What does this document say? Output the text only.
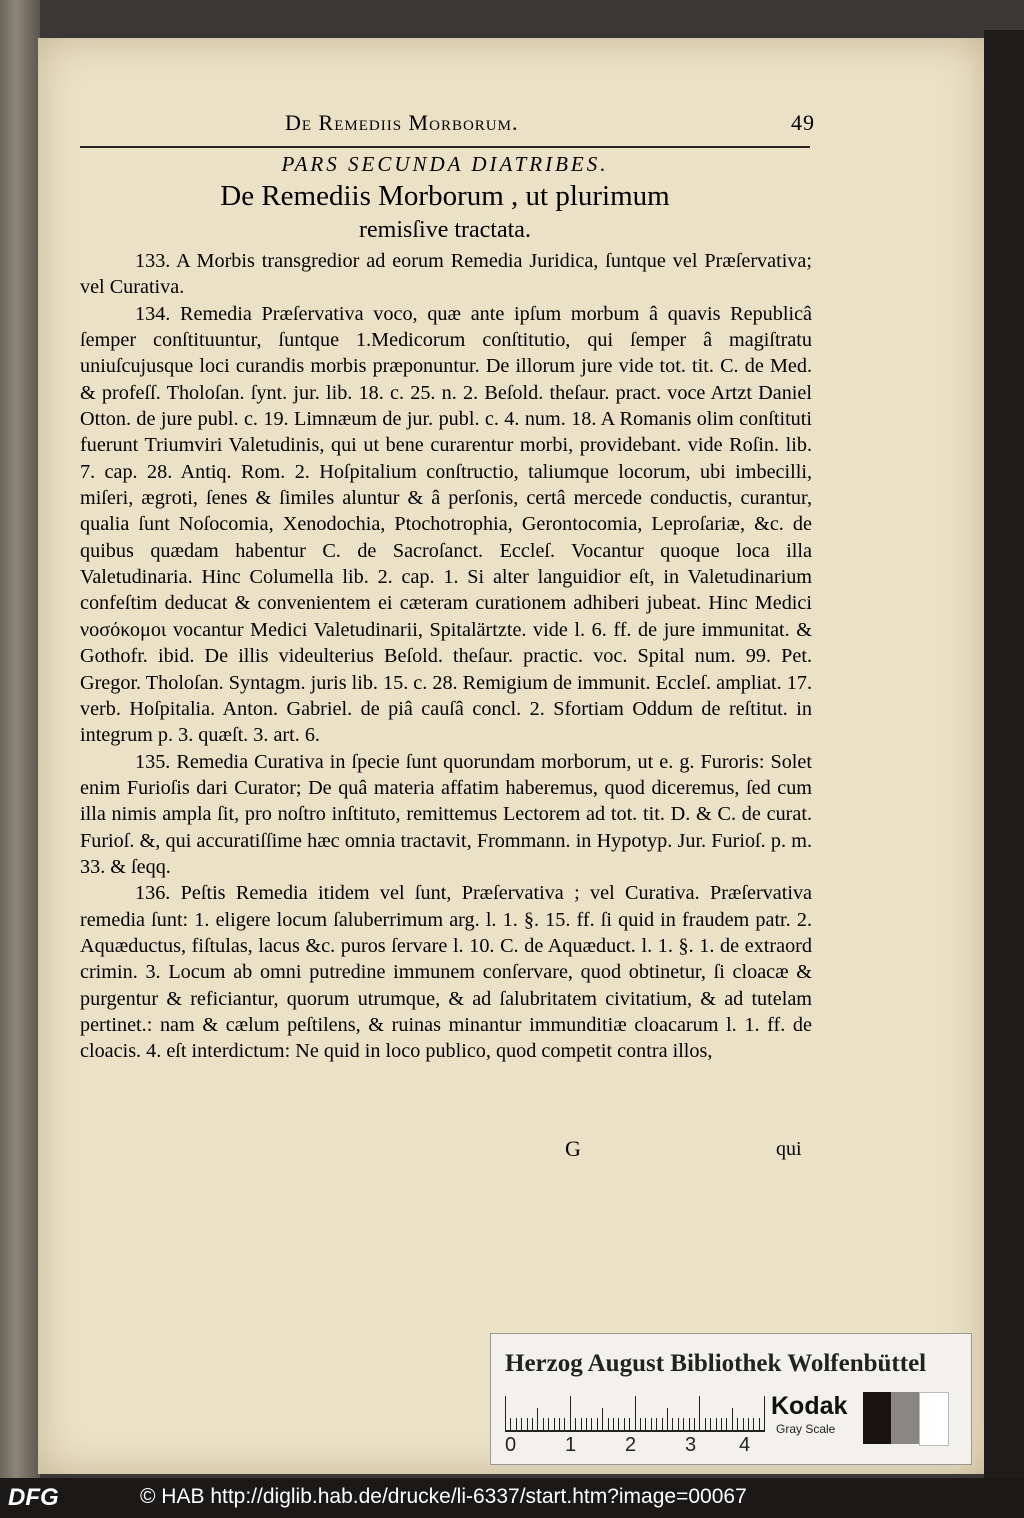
De Remediis Morborum.	49
PARS SECUNDA DIATRIBES.
De Remediis Morborum , ut plurimum
remisſive tractata.

133. A Morbis transgredior ad eorum Remedia Juridica, ſuntque vel Præſervativa; vel Curativa.

134. Remedia Præſervativa voco, quæ ante ipſum morbum â quavis Republicâ ſemper conſtituuntur, ſuntque 1.Medicorum conſtitutio, qui ſemper â magiſtratu uniuſcujusque loci curandis morbis præponuntur. De illorum jure vide tot. tit. C. de Med. & profeſſ. Tholoſan. ſynt. jur. lib. 18. c. 25. n. 2. Beſold. theſaur. pract. voce Artzt Daniel Otton. de jure publ. c. 19. Limnæum de jur. publ. c. 4. num. 18. A Romanis olim conſtituti fuerunt Triumviri Valetudinis, qui ut bene curarentur morbi, providebant. vide Roſin. lib. 7. cap. 28. Antiq. Rom. 2. Hoſpitalium conſtructio, taliumque locorum, ubi imbecilli, miſeri, ægroti, ſenes & ſimiles aluntur & â perſonis, certâ mercede conductis, curantur, qualia ſunt Noſocomia, Xenodochia, Ptochotrophia, Gerontocomia, Leproſariæ, &c. de quibus quædam habentur C. de Sacroſanct. Eccleſ. Vocantur quoque loca illa Valetudinaria. Hinc Columella lib. 2. cap. 1. Si alter languidior eſt, in Valetudinarium confeſtim deducat & convenientem ei cæteram curationem adhiberi jubeat. Hinc Medici νοσόκομοι vocantur Medici Valetudinarii, Spitalärtzte. vide l. 6. ff. de jure immunitat. & Gothofr. ibid. De illis videulterius Beſold. theſaur. practic. voc. Spital num. 99. Pet. Gregor. Tholoſan. Syntagm. juris lib. 15. c. 28. Remigium de immunit. Eccleſ. ampliat. 17. verb. Hoſpitalia. Anton. Gabriel. de piâ cauſâ concl. 2. Sfortiam Oddum de reſtitut. in integrum p. 3. quæſt. 3. art. 6.

135. Remedia Curativa in ſpecie ſunt quorundam morborum, ut e. g. Furoris: Solet enim Furioſis dari Curator; De quâ materia affatim haberemus, quod diceremus, ſed cum illa nimis ampla ſit, pro noſtro inſtituto, remittemus Lectorem ad tot. tit. D. & C. de curat. Furioſ. &, qui accuratiſſime hæc omnia tractavit, Frommann. in Hypotyp. Jur. Furioſ. p. m. 33. & ſeqq.

136. Peſtis Remedia itidem vel ſunt, Præſervativa ; vel Curativa. Præſervativa remedia ſunt: 1. eligere locum ſaluberrimum arg. l. 1. §. 15. ff. ſi quid in fraudem patr. 2. Aquæductus, fiſtulas, lacus &c. puros ſervare l. 10. C. de Aquæduct. l. 1. §. 1. de extraord crimin. 3. Locum ab omni putredine immunem conſervare, quod obtinetur, ſi cloacæ & purgentur & reficiantur, quorum utrumque, & ad ſalubritatem civitatium, & ad tutelam pertinet.: nam & cælum peſtilens, & ruinas minantur immunditiæ cloacarum l. 1. ff. de cloacis. 4. eſt interdictum: Ne quid in loco publico, quod competit contra illos,

G	qui
Herzog August Bibliothek Wolfenbüttel
0 1 2 3 4
Kodak
Gray Scale
DFG	© HAB http://diglib.hab.de/drucke/li-6337/start.htm?image=00067
